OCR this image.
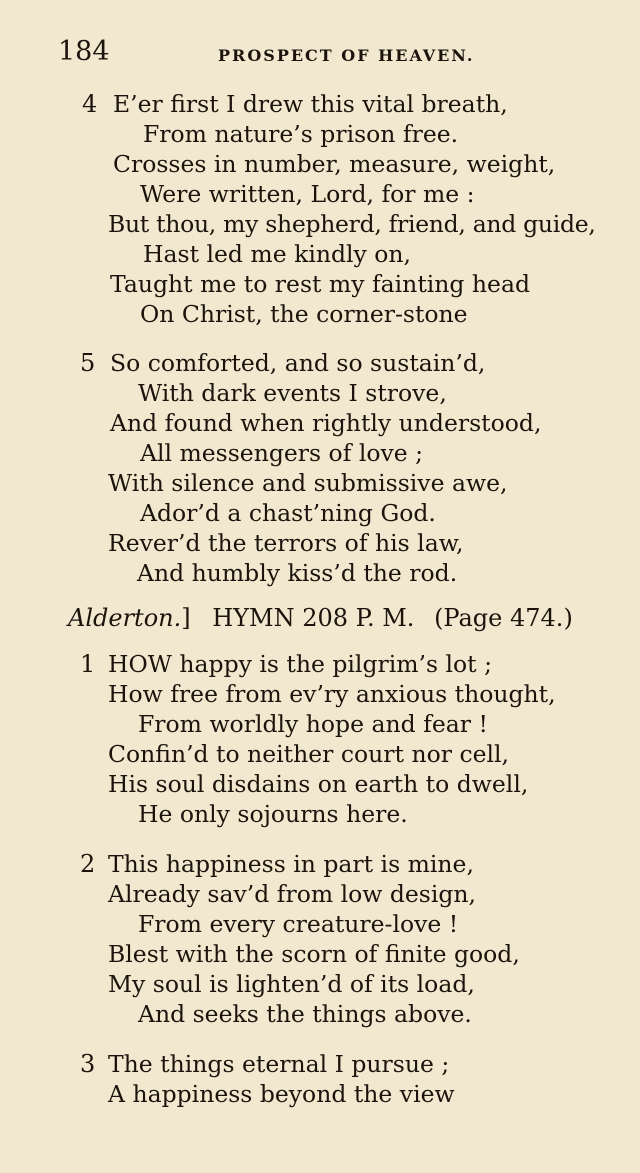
184	PROSPECT OF HEAVEN.
4 E’er first I drew this vital breath,
From nature’s prison free.
Crosses in number, measure, weight,
Were written, Lord, for me :
But thou, my shepherd, friend, and guide,
Hast led me kindly on,
Taught me to rest my fainting head
On Christ, the corner-stone
5 So comforted, and so sustain’d,
With dark events I strove,
And found when rightly understood,
All messengers of love ;
With silence and submissive awe,
Ador’d a chast’ning God.
Rever’d the terrors of his law,
And humbly kiss’d the rod.
Alderton.] HYMN 208 P. M. (Page 474.)
1 HOW happy is the pilgrim’s lot ;
How free from ev’ry anxious thought,
From worldly hope and fear !
Confin’d to neither court nor cell,
His soul disdains on earth to dwell,
He only sojourns here.
2 This happiness in part is mine,
Already sav’d from low design,
From every creature-love !
Blest with the scorn of finite good,
My soul is lighten’d of its load,
And seeks the things above.
3 The things eternal I pursue ;
A happiness beyond the view
